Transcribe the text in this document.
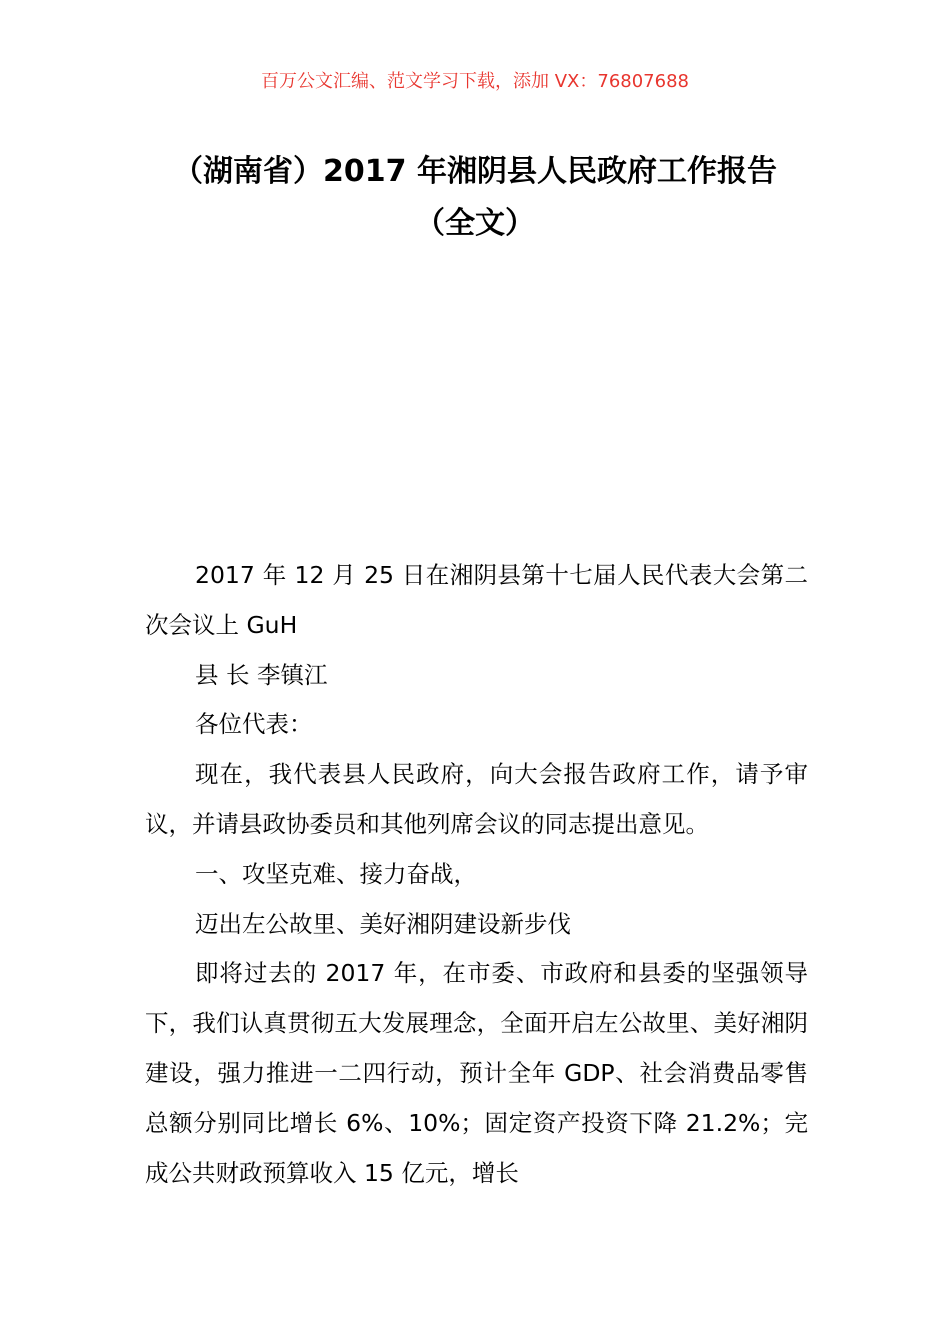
百万公文汇编、范文学习下载，添加 VX：76807688
（湖南省）2017 年湘阴县人民政府工作报告（全文）

2017 年 12 月 25 日在湘阴县第十七届人民代表大会第二次会议上 GuH

县 长 李镇江

各位代表：

现在，我代表县人民政府，向大会报告政府工作，请予审议，并请县政协委员和其他列席会议的同志提出意见。

一、攻坚克难、接力奋战，

迈出左公故里、美好湘阴建设新步伐

即将过去的 2017 年，在市委、市政府和县委的坚强领导下，我们认真贯彻五大发展理念，全面开启左公故里、美好湘阴建设，强力推进一二四行动，预计全年 GDP、社会消费品零售总额分别同比增长 6%、10%；固定资产投资下降 21.2%；完成公共财政预算收入 15 亿元，增长
